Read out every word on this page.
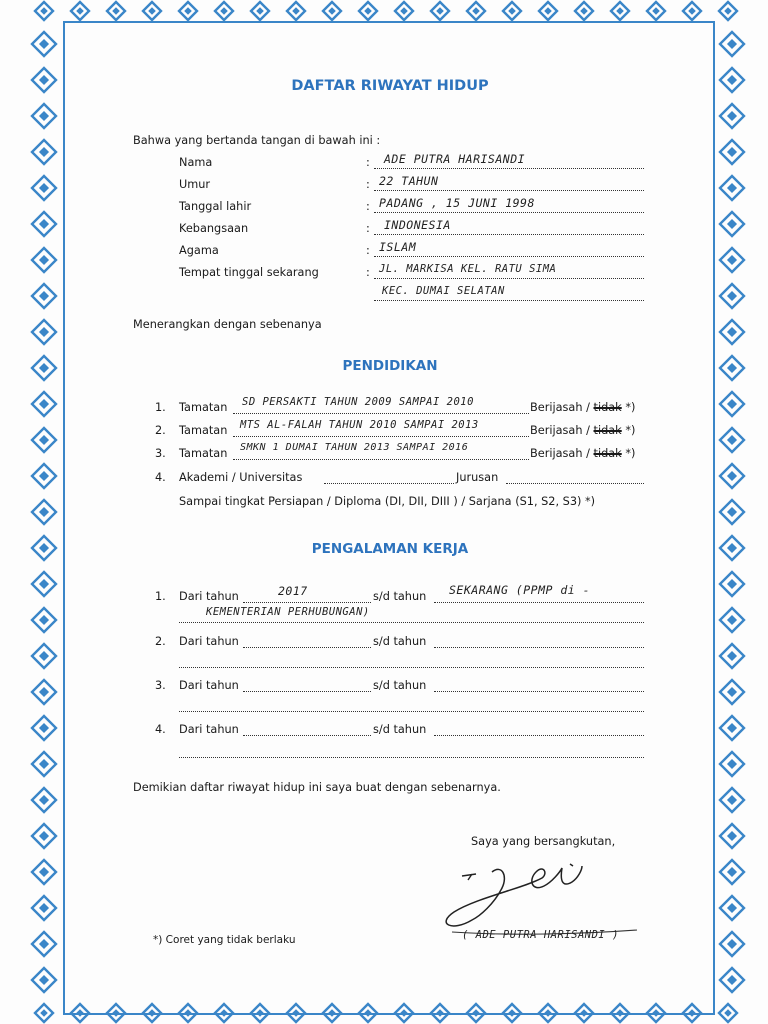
DAFTAR RIWAYAT HIDUP
Bahwa yang bertanda tangan di bawah ini :
Nama	: ADE PUTRA HARISANDI
Umur	: 22 TAHUN
Tanggal lahir	: PADANG , 15 JUNI 1998
Kebangsaan	: INDONESIA
Agama	: ISLAM
Tempat tinggal sekarang	: JL. MARKISA KEL. RATU SIMA
KEC. DUMAI SELATAN
Menerangkan dengan sebenanya
PENDIDIKAN
1. Tamatan SD PERSAKTI TAHUN 2009 SAMPAI 2010	Berijasah / tidak *)
2. Tamatan MTS AL-FALAH TAHUN 2010 SAMPAI 2013	Berijasah / tidak *)
3. Tamatan SMKN 1 DUMAI TAHUN 2013 SAMPAI 2016	Berijasah / tidak *)
4. Akademi / Universitas	Jurusan
Sampai tingkat Persiapan / Diploma (DI, DII, DIII ) / Sarjana (S1, S2, S3) *)
PENGALAMAN KERJA
1. Dari tahun	2017	s/d tahun SEKARANG (PPMP di -
KEMENTERIAN PERHUBUNGAN)
2. Dari tahun	s/d tahun
3. Dari tahun	s/d tahun
4. Dari tahun	s/d tahun
Demikian daftar riwayat hidup ini saya buat dengan sebenarnya.
Saya yang bersangkutan,
( ADE PUTRA HARISANDI )
*) Coret yang tidak berlaku
